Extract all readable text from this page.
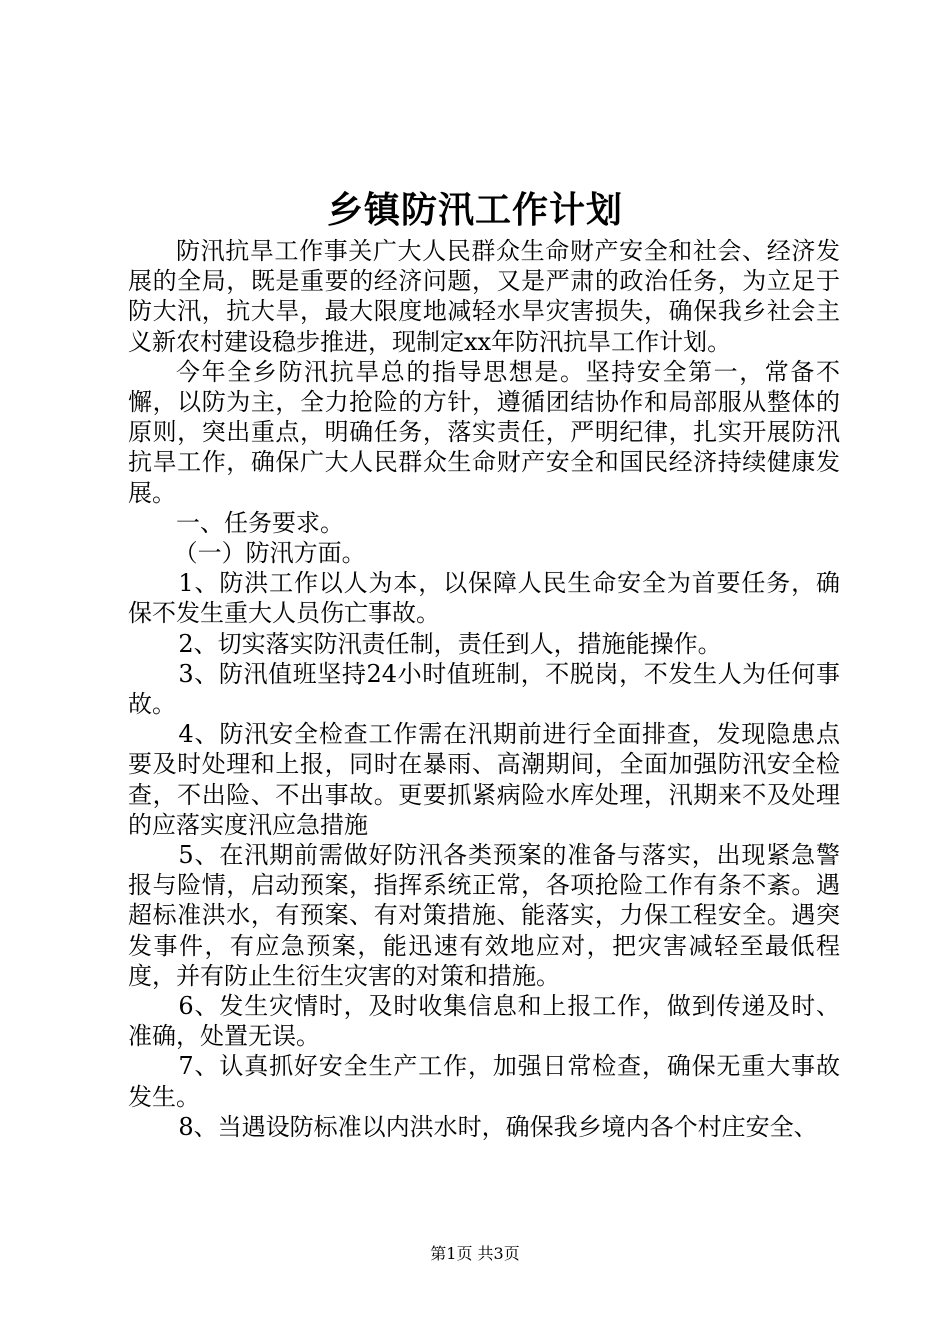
乡镇防汛工作计划

防汛抗旱工作事关广大人民群众生命财产安全和社会、经济发展的全局，既是重要的经济问题，又是严肃的政治任务，为立足于防大汛，抗大旱，最大限度地减轻水旱灾害损失，确保我乡社会主义新农村建设稳步推进，现制定xx年防汛抗旱工作计划。

今年全乡防汛抗旱总的指导思想是。坚持安全第一，常备不懈，以防为主，全力抢险的方针，遵循团结协作和局部服从整体的原则，突出重点，明确任务，落实责任，严明纪律，扎实开展防汛抗旱工作，确保广大人民群众生命财产安全和国民经济持续健康发展。

一、任务要求。

（一）防汛方面。

1、防洪工作以人为本，以保障人民生命安全为首要任务，确保不发生重大人员伤亡事故。

2、切实落实防汛责任制，责任到人，措施能操作。

3、防汛值班坚持24小时值班制，不脱岗，不发生人为任何事故。

4、防汛安全检查工作需在汛期前进行全面排查，发现隐患点要及时处理和上报，同时在暴雨、高潮期间，全面加强防汛安全检查，不出险、不出事故。更要抓紧病险水库处理，汛期来不及处理的应落实度汛应急措施

5、在汛期前需做好防汛各类预案的准备与落实，出现紧急警报与险情，启动预案，指挥系统正常，各项抢险工作有条不紊。遇超标准洪水，有预案、有对策措施、能落实，力保工程安全。遇突发事件，有应急预案，能迅速有效地应对，把灾害减轻至最低程度，并有防止生衍生灾害的对策和措施。

6、发生灾情时，及时收集信息和上报工作，做到传递及时、准确，处置无误。

7、认真抓好安全生产工作，加强日常检查，确保无重大事故发生。

8、当遇设防标准以内洪水时，确保我乡境内各个村庄安全、

第1页 共3页
